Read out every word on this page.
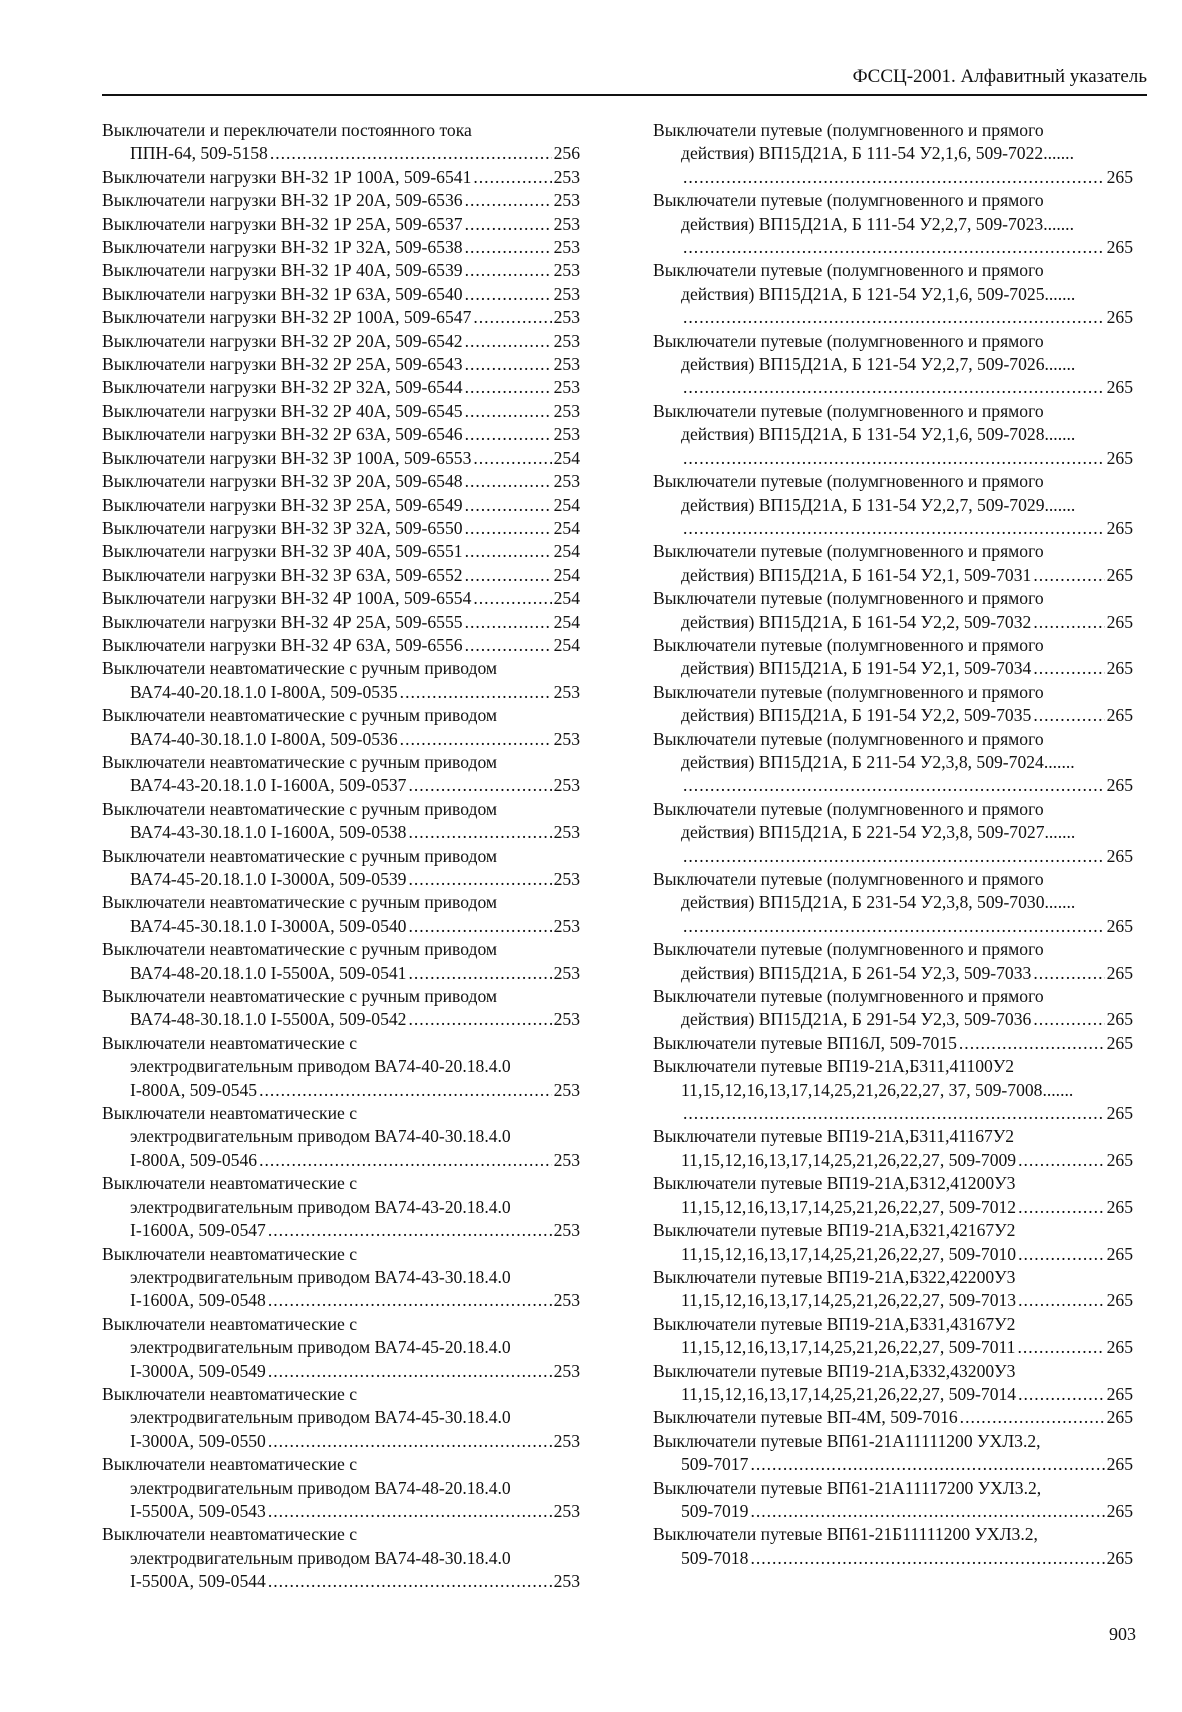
ФССЦ-2001. Алфавитный указатель
Выключатели и переключатели постоянного тока
ППН-64, 509-5158 .....	256
Выключатели нагрузки ВН-32 1Р 100А, 509-6541 .....	253
Выключатели нагрузки ВН-32 1Р 20А, 509-6536 .....	253
Выключатели нагрузки ВН-32 1Р 25А, 509-6537 .....	253
Выключатели нагрузки ВН-32 1Р 32А, 509-6538 .....	253
Выключатели нагрузки ВН-32 1Р 40А, 509-6539 .....	253
Выключатели нагрузки ВН-32 1Р 63А, 509-6540 .....	253
Выключатели нагрузки ВН-32 2Р 100А, 509-6547 .....	253
Выключатели нагрузки ВН-32 2Р 20А, 509-6542 .....	253
Выключатели нагрузки ВН-32 2Р 25А, 509-6543 .....	253
Выключатели нагрузки ВН-32 2Р 32А, 509-6544 .....	253
Выключатели нагрузки ВН-32 2Р 40А, 509-6545 .....	253
Выключатели нагрузки ВН-32 2Р 63А, 509-6546 .....	253
Выключатели нагрузки ВН-32 3Р 100А, 509-6553 .....	254
Выключатели нагрузки ВН-32 3Р 20А, 509-6548 .....	253
Выключатели нагрузки ВН-32 3Р 25А, 509-6549 .....	254
Выключатели нагрузки ВН-32 3Р 32А, 509-6550 .....	254
Выключатели нагрузки ВН-32 3Р 40А, 509-6551 .....	254
Выключатели нагрузки ВН-32 3Р 63А, 509-6552 .....	254
Выключатели нагрузки ВН-32 4Р 100А, 509-6554 .....	254
Выключатели нагрузки ВН-32 4Р 25А, 509-6555 .....	254
Выключатели нагрузки ВН-32 4Р 63А, 509-6556 .....	254
Выключатели неавтоматические с ручным приводом
ВА74-40-20.18.1.0 I-800А, 509-0535 .....	253
Выключатели неавтоматические с ручным приводом
ВА74-40-30.18.1.0 I-800А, 509-0536 .....	253
Выключатели неавтоматические с ручным приводом
ВА74-43-20.18.1.0 I-1600А, 509-0537 .....	253
Выключатели неавтоматические с ручным приводом
ВА74-43-30.18.1.0 I-1600А, 509-0538 .....	253
Выключатели неавтоматические с ручным приводом
ВА74-45-20.18.1.0 I-3000А, 509-0539 .....	253
Выключатели неавтоматические с ручным приводом
ВА74-45-30.18.1.0 I-3000А, 509-0540 .....	253
Выключатели неавтоматические с ручным приводом
ВА74-48-20.18.1.0 I-5500А, 509-0541 .....	253
Выключатели неавтоматические с ручным приводом
ВА74-48-30.18.1.0 I-5500А, 509-0542 .....	253
Выключатели неавтоматические с
электродвигательным приводом ВА74-40-20.18.4.0
I-800А, 509-0545 .....	253
Выключатели неавтоматические с
электродвигательным приводом ВА74-40-30.18.4.0
I-800А, 509-0546 .....	253
Выключатели неавтоматические с
электродвигательным приводом ВА74-43-20.18.4.0
I-1600А, 509-0547 .....	253
Выключатели неавтоматические с
электродвигательным приводом ВА74-43-30.18.4.0
I-1600А, 509-0548 .....	253
Выключатели неавтоматические с
электродвигательным приводом ВА74-45-20.18.4.0
I-3000А, 509-0549 .....	253
Выключатели неавтоматические с
электродвигательным приводом ВА74-45-30.18.4.0
I-3000А, 509-0550 .....	253
Выключатели неавтоматические с
электродвигательным приводом ВА74-48-20.18.4.0
I-5500А, 509-0543 .....	253
Выключатели неавтоматические с
электродвигательным приводом ВА74-48-30.18.4.0
I-5500А, 509-0544 .....	253
Выключатели путевые (полумгновенного и прямого
действия) ВП15Д21А, Б 111-54 У2,1,6, 509-7022.......
.....
265
Выключатели путевые (полумгновенного и прямого
действия) ВП15Д21А, Б 111-54 У2,2,7, 509-7023.......
.....
265
Выключатели путевые (полумгновенного и прямого
действия) ВП15Д21А, Б 121-54 У2,1,6, 509-7025.......
.....
265
Выключатели путевые (полумгновенного и прямого
действия) ВП15Д21А, Б 121-54 У2,2,7, 509-7026.......
.....
265
Выключатели путевые (полумгновенного и прямого
действия) ВП15Д21А, Б 131-54 У2,1,6, 509-7028.......
.....
265
Выключатели путевые (полумгновенного и прямого
действия) ВП15Д21А, Б 131-54 У2,2,7, 509-7029.......
.....
265
Выключатели путевые (полумгновенного и прямого
действия) ВП15Д21А, Б 161-54 У2,1, 509-7031 .....	265
Выключатели путевые (полумгновенного и прямого
действия) ВП15Д21А, Б 161-54 У2,2, 509-7032 .....	265
Выключатели путевые (полумгновенного и прямого
действия) ВП15Д21А, Б 191-54 У2,1, 509-7034 .....	265
Выключатели путевые (полумгновенного и прямого
действия) ВП15Д21А, Б 191-54 У2,2, 509-7035 .....	265
Выключатели путевые (полумгновенного и прямого
действия) ВП15Д21А, Б 211-54 У2,3,8, 509-7024.......
.....
265
Выключатели путевые (полумгновенного и прямого
действия) ВП15Д21А, Б 221-54 У2,3,8, 509-7027.......
.....
265
Выключатели путевые (полумгновенного и прямого
действия) ВП15Д21А, Б 231-54 У2,3,8, 509-7030.......
.....
265
Выключатели путевые (полумгновенного и прямого
действия) ВП15Д21А, Б 261-54 У2,3, 509-7033 .....	265
Выключатели путевые (полумгновенного и прямого
действия) ВП15Д21А, Б 291-54 У2,3, 509-7036 .....	265
Выключатели путевые ВП16Л, 509-7015 .....	265
Выключатели путевые ВП19-21А,Б311,41100У2
11,15,12,16,13,17,14,25,21,26,22,27, 37, 509-7008.......
.....
265
Выключатели путевые ВП19-21А,Б311,41167У2
11,15,12,16,13,17,14,25,21,26,22,27, 509-7009 .....	265
Выключатели путевые ВП19-21А,Б312,41200У3
11,15,12,16,13,17,14,25,21,26,22,27, 509-7012 .....	265
Выключатели путевые ВП19-21А,Б321,42167У2
11,15,12,16,13,17,14,25,21,26,22,27, 509-7010 .....	265
Выключатели путевые ВП19-21А,Б322,42200У3
11,15,12,16,13,17,14,25,21,26,22,27, 509-7013 .....	265
Выключатели путевые ВП19-21А,Б331,43167У2
11,15,12,16,13,17,14,25,21,26,22,27, 509-7011 .....	265
Выключатели путевые ВП19-21А,Б332,43200У3
11,15,12,16,13,17,14,25,21,26,22,27, 509-7014 .....	265
Выключатели путевые ВП-4М, 509-7016 .....	265
Выключатели путевые ВП61-21А11111200 УХЛ3.2,
509-7017 .....	265
Выключатели путевые ВП61-21А11117200 УХЛ3.2,
509-7019 .....	265
Выключатели путевые ВП61-21Б11111200 УХЛ3.2,
509-7018 .....	265
903
